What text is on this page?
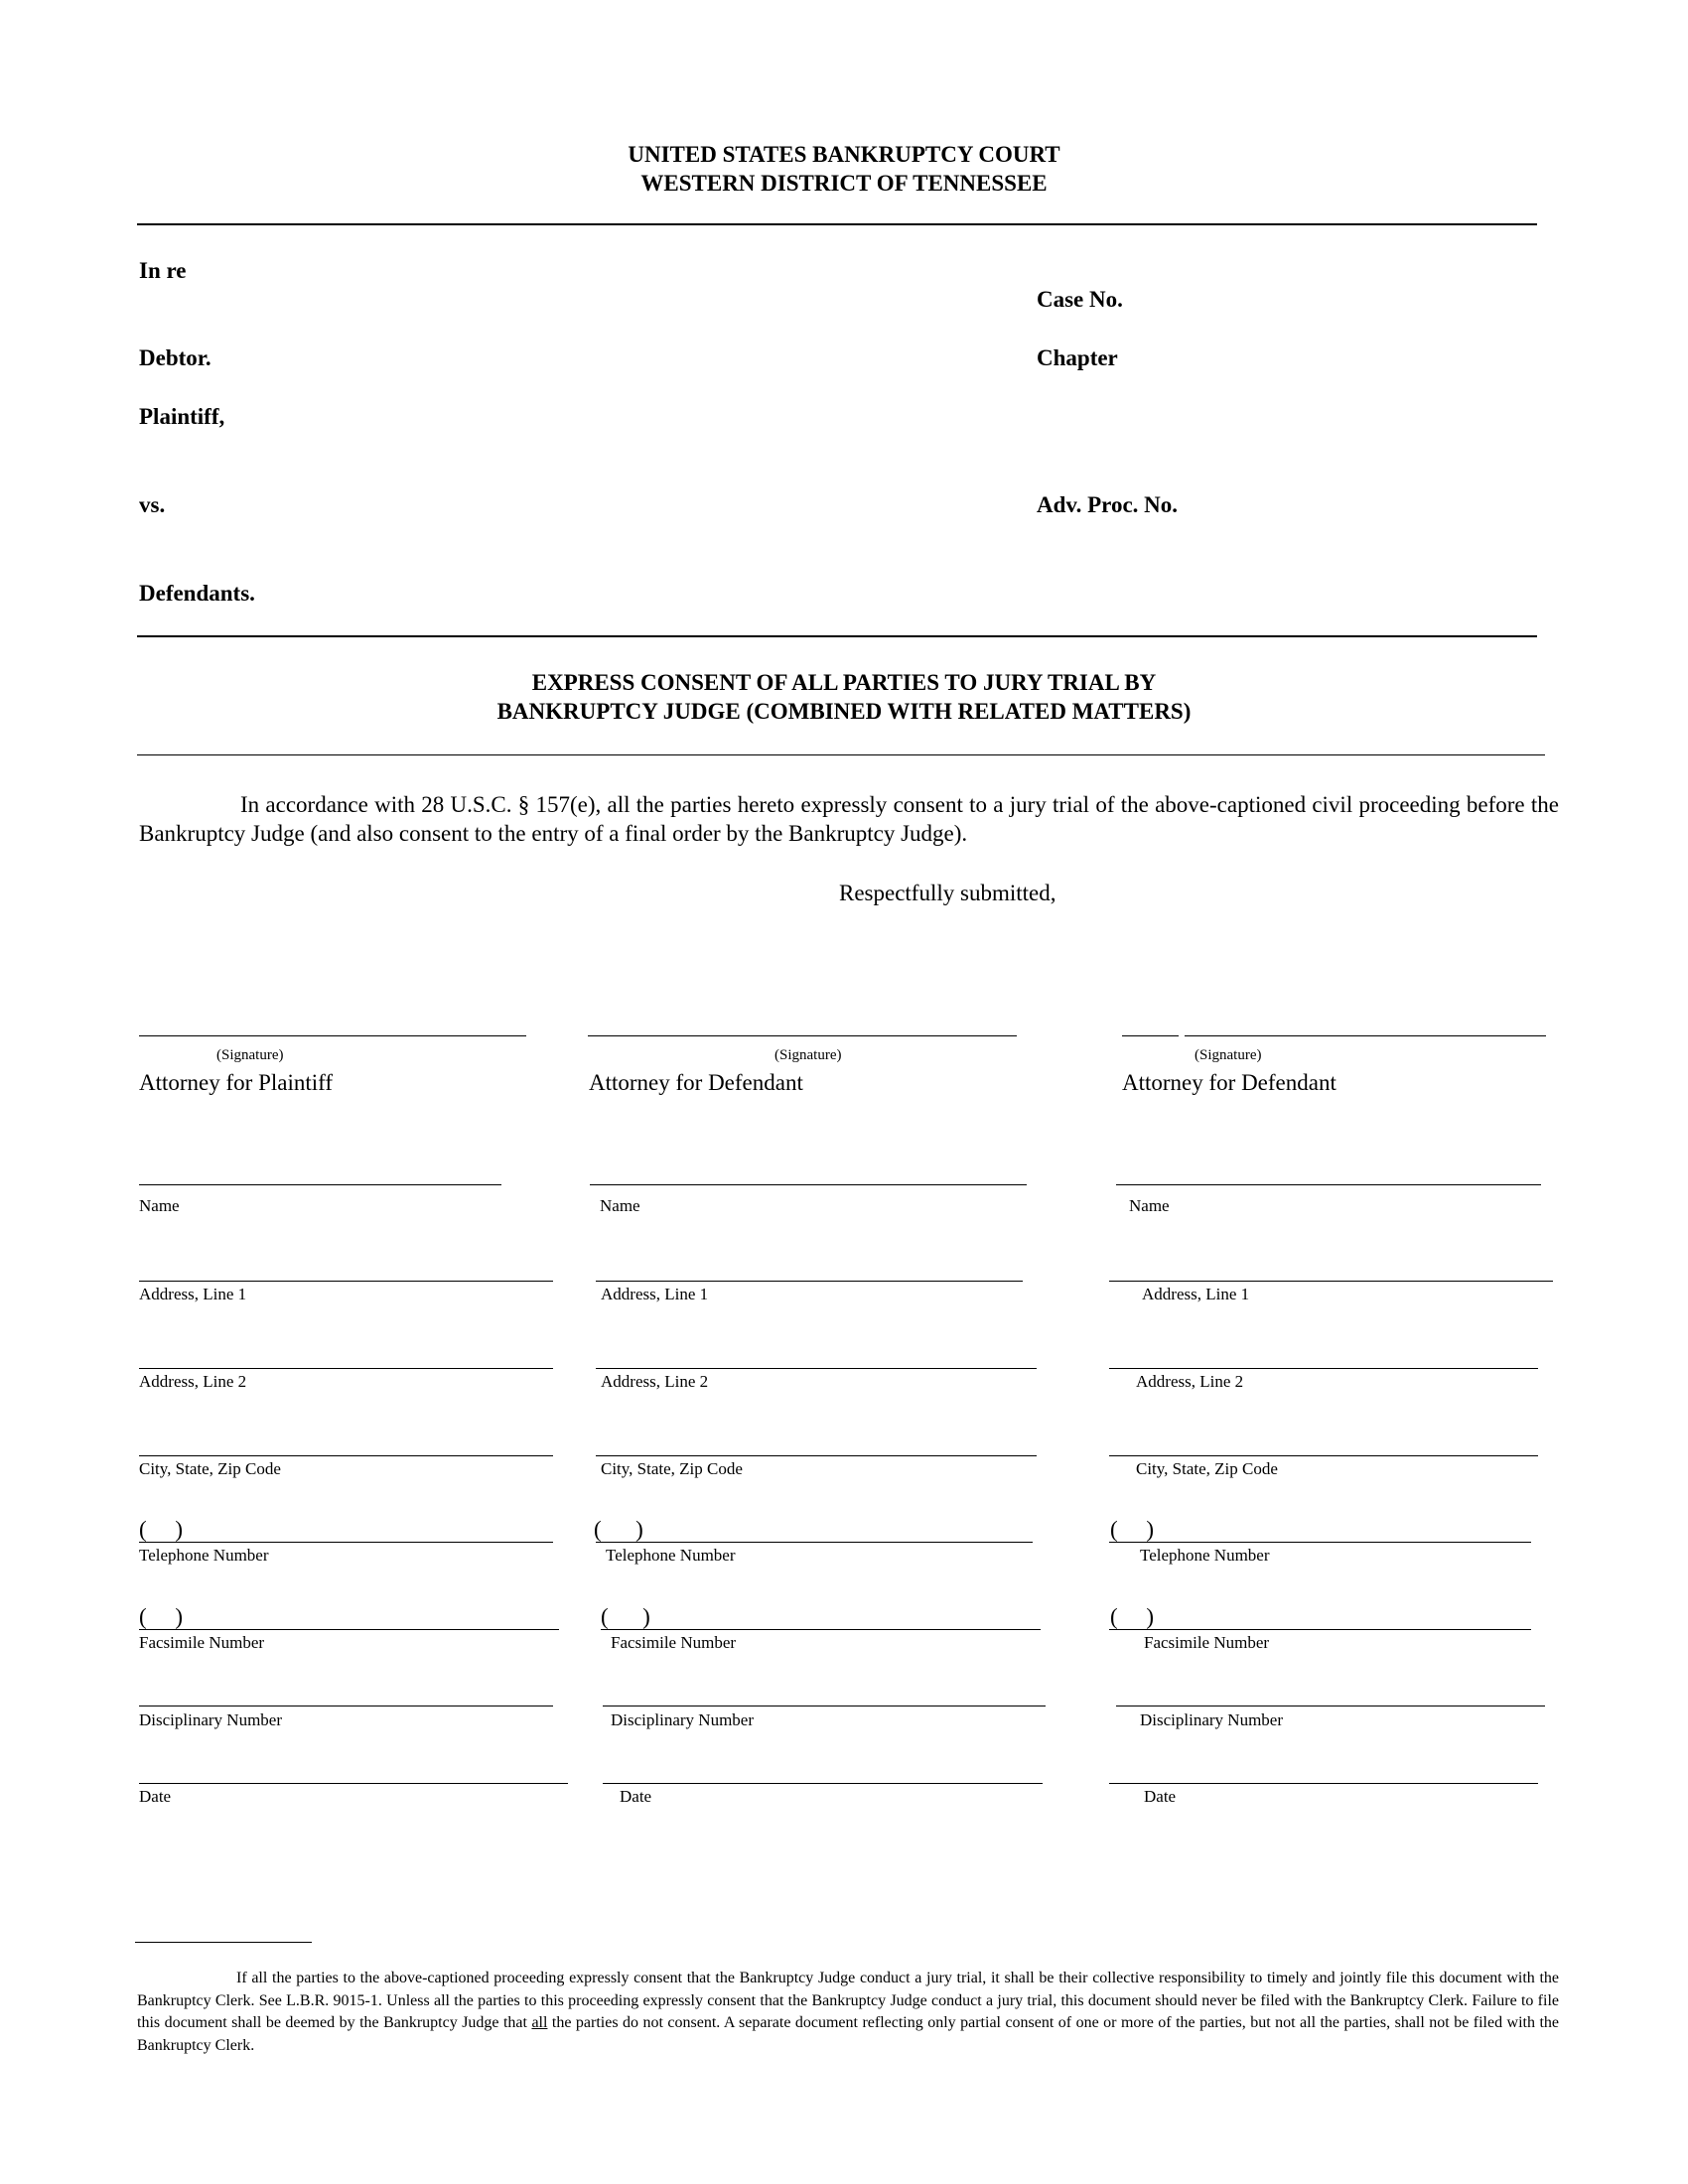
UNITED STATES BANKRUPTCY COURT
WESTERN DISTRICT OF TENNESSEE
In re
Case No.
Debtor.	Chapter
Plaintiff,
vs.	Adv. Proc. No.
Defendants.
EXPRESS CONSENT OF ALL PARTIES TO JURY TRIAL BY
BANKRUPTCY JUDGE (COMBINED WITH RELATED MATTERS)
In accordance with 28 U.S.C. § 157(e), all the parties hereto expressly consent to a jury trial of the above-captioned civil proceeding before the Bankruptcy Judge (and also consent to the entry of a final order by the Bankruptcy Judge).
Respectfully submitted,
(Signature)
Attorney for Plaintiff
Name
Address, Line 1
Address, Line 2
City, State, Zip Code
(     )
Telephone Number
(     )
Facsimile Number
Disciplinary Number
Date
(Signature)
Attorney for Defendant
Name
Address, Line 1
Address, Line 2
City, State, Zip Code
(      )
Telephone Number
(      )
Facsimile Number
Disciplinary Number
Date
(Signature)
Attorney for Defendant
Name
Address, Line 1
Address, Line 2
City, State, Zip Code
(     )
Telephone Number
(     )
Facsimile Number
Disciplinary Number
Date
If all the parties to the above-captioned proceeding expressly consent that the Bankruptcy Judge conduct a jury trial, it shall be their collective responsibility to timely and jointly file this document with the Bankruptcy Clerk. See L.B.R. 9015-1. Unless all the parties to this proceeding expressly consent that the Bankruptcy Judge conduct a jury trial, this document should never be filed with the Bankruptcy Clerk. Failure to file this document shall be deemed by the Bankruptcy Judge that all the parties do not consent. A separate document reflecting only partial consent of one or more of the parties, but not all the parties, shall not be filed with the Bankruptcy Clerk.
